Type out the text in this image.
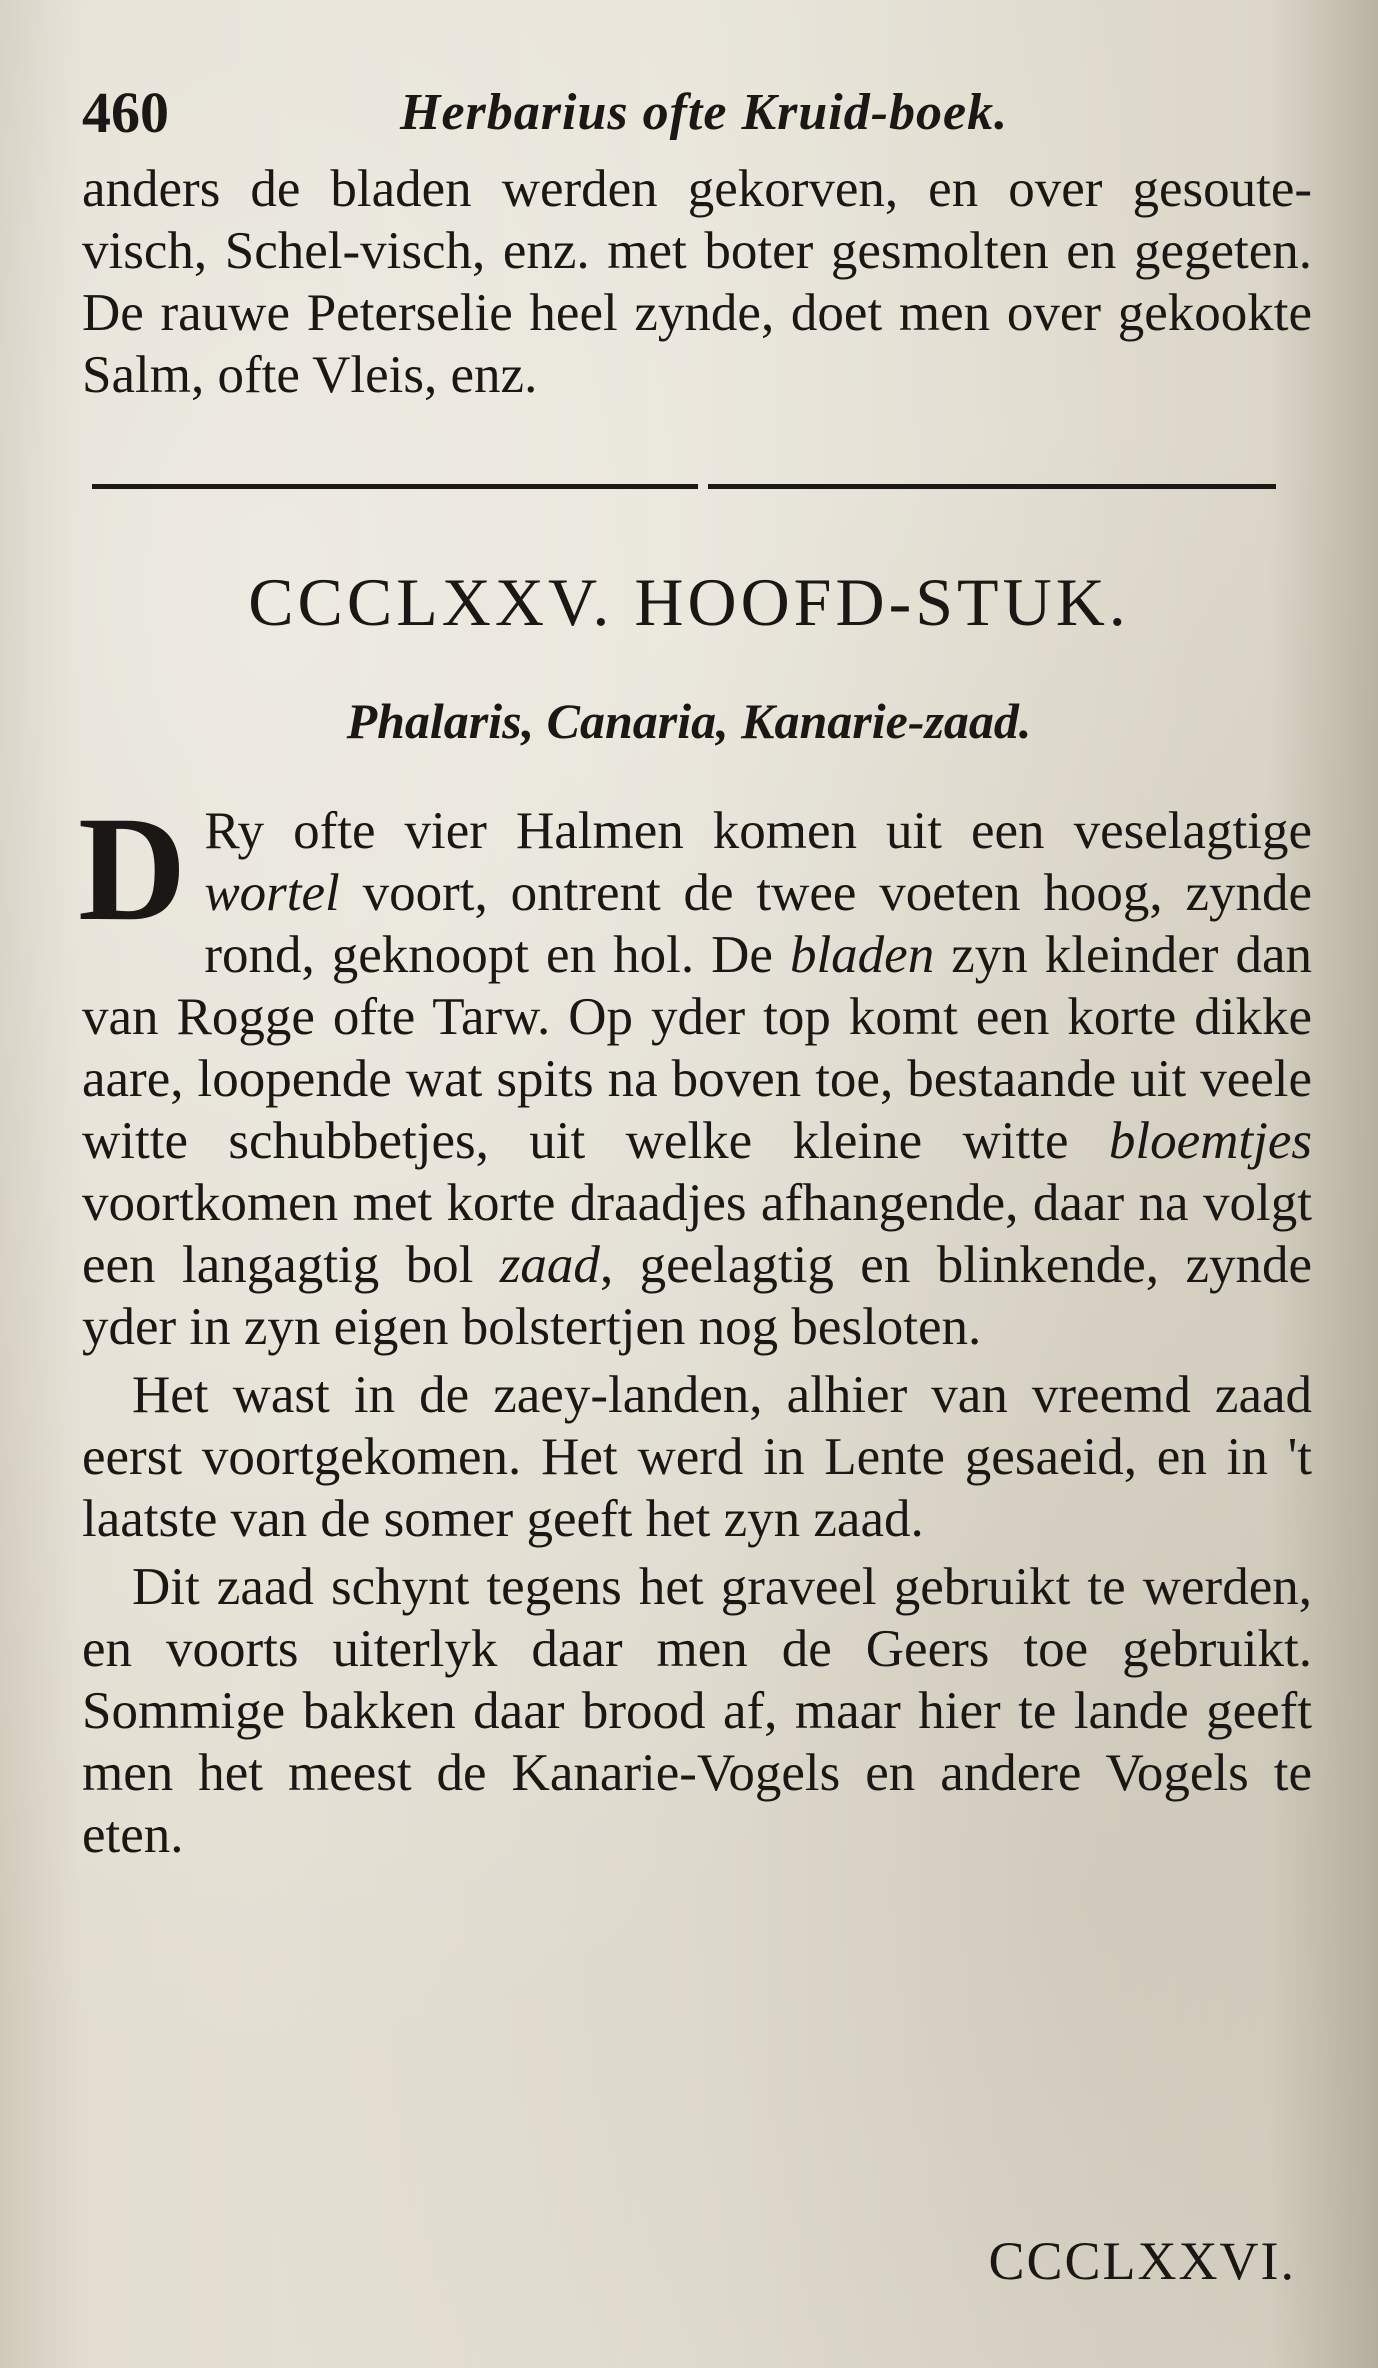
460	Herbarius ofte Kruid-boek.
anders de bladen werden gekorven, en over gesoute-visch, Schel-visch, enz. met boter gesmolten en gegeten. De rauwe Peterselie heel zynde, doet men over gekookte Salm, ofte Vleis, enz.
CCCLXXV. HOOFD-STUK.
Phalaris, Canaria, Kanarie-zaad.

D Ry ofte vier Halmen komen uit een veselagtige wortel voort, ontrent de twee voeten hoog, zynde rond, geknoopt en hol. De bladen zyn kleinder dan van Rogge ofte Tarw. Op yder top komt een korte dikke aare, loopende wat spits na boven toe, bestaande uit veele witte schubbetjes, uit welke kleine witte bloemtjes voortkomen met korte draadjes afhangende, daar na volgt een langagtig bol zaad, geelagtig en blinkende, zynde yder in zyn eigen bolstertjen nog besloten.

Het wast in de zaey-landen, alhier van vreemd zaad eerst voortgekomen. Het werd in Lente gesaeid, en in 't laatste van de somer geeft het zyn zaad.

Dit zaad schynt tegens het graveel gebruikt te werden, en voorts uiterlyk daar men de Geers toe gebruikt. Sommige bakken daar brood af, maar hier te lande geeft men het meest de Kanarie-Vogels en andere Vogels te eten.

CCCLXXVI.
